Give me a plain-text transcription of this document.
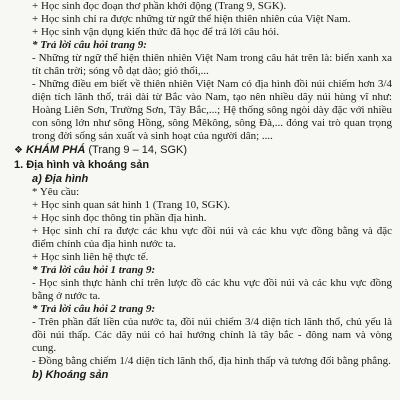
+ Học sinh đọc đoạn thơ phần khởi động (Trang 9, SGK).
+ Học sinh chỉ ra được những từ ngữ thể hiện thiên nhiên của Việt Nam.
+ Học sinh vận dụng kiến thức đã học để trả lời câu hỏi.
* Trả lời câu hỏi trang 9:
- Những từ ngữ thể hiện thiên nhiên Việt Nam trong câu hát trên là: biển xanh xa tít chân trời; sóng vỗ dạt dào; gió thổi,...
- Những điều em biết về thiên nhiên Việt Nam có địa hình đồi núi chiếm hơn 3/4 diện tích lãnh thổ, trải dài từ Bắc vào Nam, tạo nên nhiều dãy núi hùng vĩ như: Hoàng Liên Sơn, Trường Sơn, Tây Bắc,...; Hệ thống sông ngòi dày đặc với nhiều con sông lớn như sông Hồng, sông Mêkông, sông Đà,... đóng vai trò quan trọng trong đời sống sản xuất và sinh hoạt của người dân; ....
❖ KHÁM PHÁ (Trang 9 – 14, SGK)
1. Địa hình và khoáng sản
a) Địa hình
* Yêu cầu:
+ Học sinh quan sát hình 1 (Trang 10, SGK).
+ Học sinh đọc thông tin phần địa hình.
+ Học sinh chỉ ra được các khu vực đồi núi và các khu vực đồng bằng và đặc điểm chính của địa hình nước ta.
+ Học sinh liên hệ thực tế.
* Trả lời câu hỏi 1 trang 9:
- Học sinh thực hành chỉ trên lược đồ các khu vực đồi núi và các khu vực đồng bằng ở nước ta.
* Trả lời câu hỏi 2 trang 9:
- Trên phần đất liền của nước ta, đồi núi chiếm 3/4 diện tích lãnh thổ, chủ yếu là đồi núi thấp. Các dãy núi có hai hướng chính là tây bắc - đông nam và vòng cung.
- Đồng bằng chiếm 1/4 diện tích lãnh thổ, địa hình thấp và tương đối bằng phẳng.
b) Khoáng sản
